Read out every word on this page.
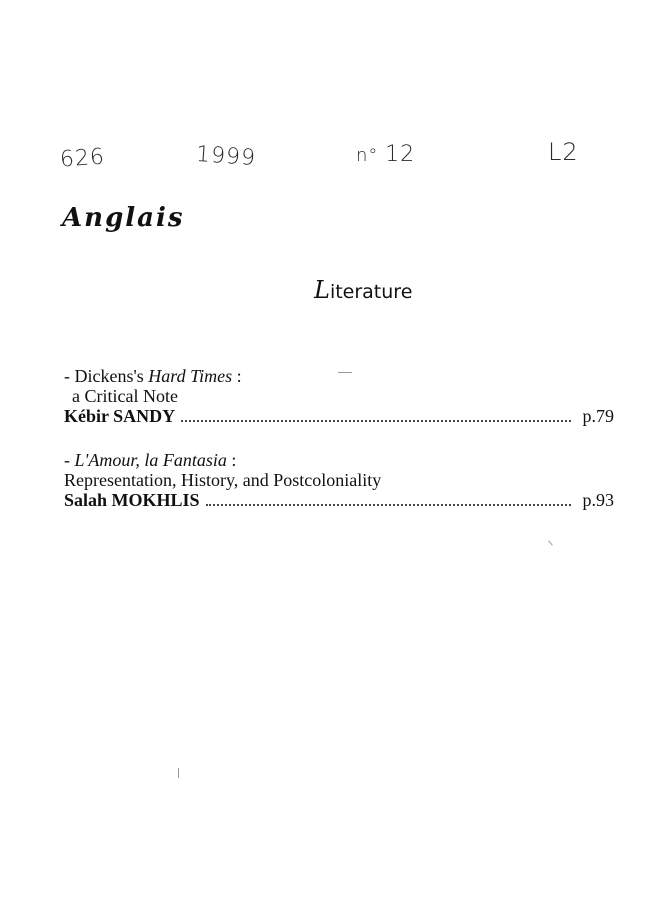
626	1999	n° 12	L2
Anglais
Literature
- Dickens's Hard Times :
a Critical Note
Kébir SANDY	p.79
- L'Amour, la Fantasia :
Representation, History, and Postcoloniality
Salah MOKHLIS	p.93
